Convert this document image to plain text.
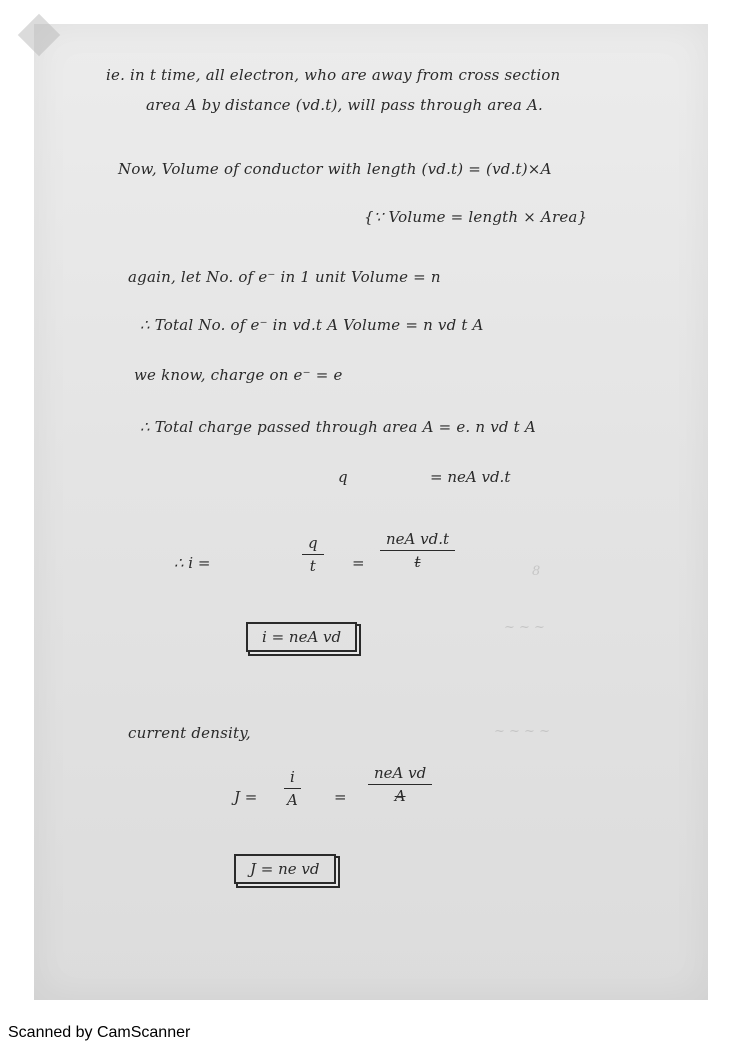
8
~ ~ ~
~ ~ ~ ~
ie. in t time, all electron, who are away from cross section
area A by distance (vd.t), will pass through area A.
Now, Volume of conductor with length (vd.t) = (vd.t)×A
{∵ Volume = length × Area}
again, let No. of e⁻ in 1 unit Volume = n
∴ Total No. of e⁻ in vd.t A Volume = n vd t A
we know, charge on e⁻ = e
∴ Total charge passed through area A = e. n vd t A
q	= neA vd.t
∴ i =	$\frac{q}{t}$ =
neA vd.t
t
i = neA vd
current density,
$J = \frac{i}{A}$ =
neA vd
A
J = ne vd
Scanned by CamScanner
